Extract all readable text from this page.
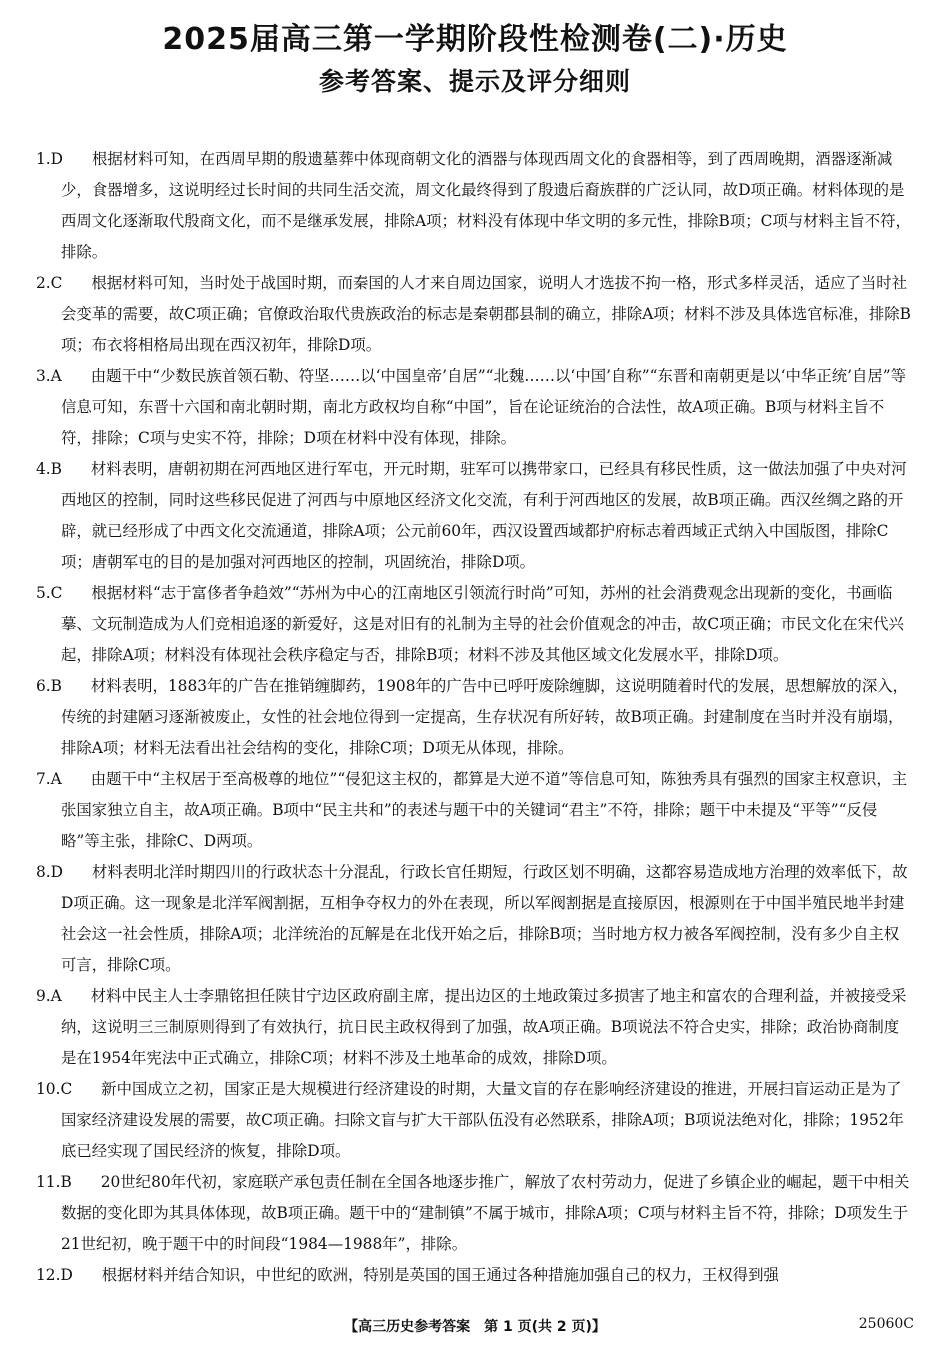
2025届高三第一学期阶段性检测卷(二)·历史
参考答案、提示及评分细则
1.D 根据材料可知，在西周早期的殷遗墓葬中体现商朝文化的酒器与体现西周文化的食器相等，到了西周晚期，酒器逐渐减少，食器增多，这说明经过长时间的共同生活交流，周文化最终得到了殷遗后裔族群的广泛认同，故D项正确。材料体现的是西周文化逐渐取代殷商文化，而不是继承发展，排除A项；材料没有体现中华文明的多元性，排除B项；C项与材料主旨不符，排除。
2.C 根据材料可知，当时处于战国时期，而秦国的人才来自周边国家，说明人才选拔不拘一格，形式多样灵活，适应了当时社会变革的需要，故C项正确；官僚政治取代贵族政治的标志是秦朝郡县制的确立，排除A项；材料不涉及具体选官标准，排除B项；布衣将相格局出现在西汉初年，排除D项。
3.A 由题干中“少数民族首领石勒、符坚……以‘中国皇帝’自居”“北魏……以‘中国’自称”“东晋和南朝更是以‘中华正统’自居”等信息可知，东晋十六国和南北朝时期，南北方政权均自称“中国”，旨在论证统治的合法性，故A项正确。B项与材料主旨不符，排除；C项与史实不符，排除；D项在材料中没有体现，排除。
4.B 材料表明，唐朝初期在河西地区进行军屯，开元时期，驻军可以携带家口，已经具有移民性质，这一做法加强了中央对河西地区的控制，同时这些移民促进了河西与中原地区经济文化交流，有利于河西地区的发展，故B项正确。西汉丝绸之路的开辟，就已经形成了中西文化交流通道，排除A项；公元前60年，西汉设置西域都护府标志着西域正式纳入中国版图，排除C项；唐朝军屯的目的是加强对河西地区的控制，巩固统治，排除D项。
5.C 根据材料“志于富侈者争趋效”“苏州为中心的江南地区引领流行时尚”可知，苏州的社会消费观念出现新的变化，书画临摹、文玩制造成为人们竞相追逐的新爱好，这是对旧有的礼制为主导的社会价值观念的冲击，故C项正确；市民文化在宋代兴起，排除A项；材料没有体现社会秩序稳定与否，排除B项；材料不涉及其他区域文化发展水平，排除D项。
6.B 材料表明，1883年的广告在推销缠脚药，1908年的广告中已呼吁废除缠脚，这说明随着时代的发展，思想解放的深入，传统的封建陋习逐渐被废止，女性的社会地位得到一定提高，生存状况有所好转，故B项正确。封建制度在当时并没有崩塌，排除A项；材料无法看出社会结构的变化，排除C项；D项无从体现，排除。
7.A 由题干中“主权居于至高极尊的地位”“侵犯这主权的，都算是大逆不道”等信息可知，陈独秀具有强烈的国家主权意识，主张国家独立自主，故A项正确。B项中“民主共和”的表述与题干中的关键词“君主”不符，排除；题干中未提及“平等”“反侵略”等主张，排除C、D两项。
8.D 材料表明北洋时期四川的行政状态十分混乱，行政长官任期短，行政区划不明确，这都容易造成地方治理的效率低下，故D项正确。这一现象是北洋军阀割据，互相争夺权力的外在表现，所以军阀割据是直接原因，根源则在于中国半殖民地半封建社会这一社会性质，排除A项；北洋统治的瓦解是在北伐开始之后，排除B项；当时地方权力被各军阀控制，没有多少自主权可言，排除C项。
9.A 材料中民主人士李鼎铭担任陕甘宁边区政府副主席，提出边区的土地政策过多损害了地主和富农的合理利益，并被接受采纳，这说明三三制原则得到了有效执行，抗日民主政权得到了加强，故A项正确。B项说法不符合史实，排除；政治协商制度是在1954年宪法中正式确立，排除C项；材料不涉及土地革命的成效，排除D项。
10.C 新中国成立之初，国家正是大规模进行经济建设的时期，大量文盲的存在影响经济建设的推进，开展扫盲运动正是为了国家经济建设发展的需要，故C项正确。扫除文盲与扩大干部队伍没有必然联系，排除A项；B项说法绝对化，排除；1952年底已经实现了国民经济的恢复，排除D项。
11.B 20世纪80年代初，家庭联产承包责任制在全国各地逐步推广，解放了农村劳动力，促进了乡镇企业的崛起，题干中相关数据的变化即为其具体体现，故B项正确。题干中的“建制镇”不属于城市，排除A项；C项与材料主旨不符，排除；D项发生于21世纪初，晚于题干中的时间段“1984—1988年”，排除。
12.D 根据材料并结合知识，中世纪的欧洲，特别是英国的国王通过各种措施加强自己的权力，王权得到强
【高三历史参考答案　第 1 页(共 2 页)】	25060C
